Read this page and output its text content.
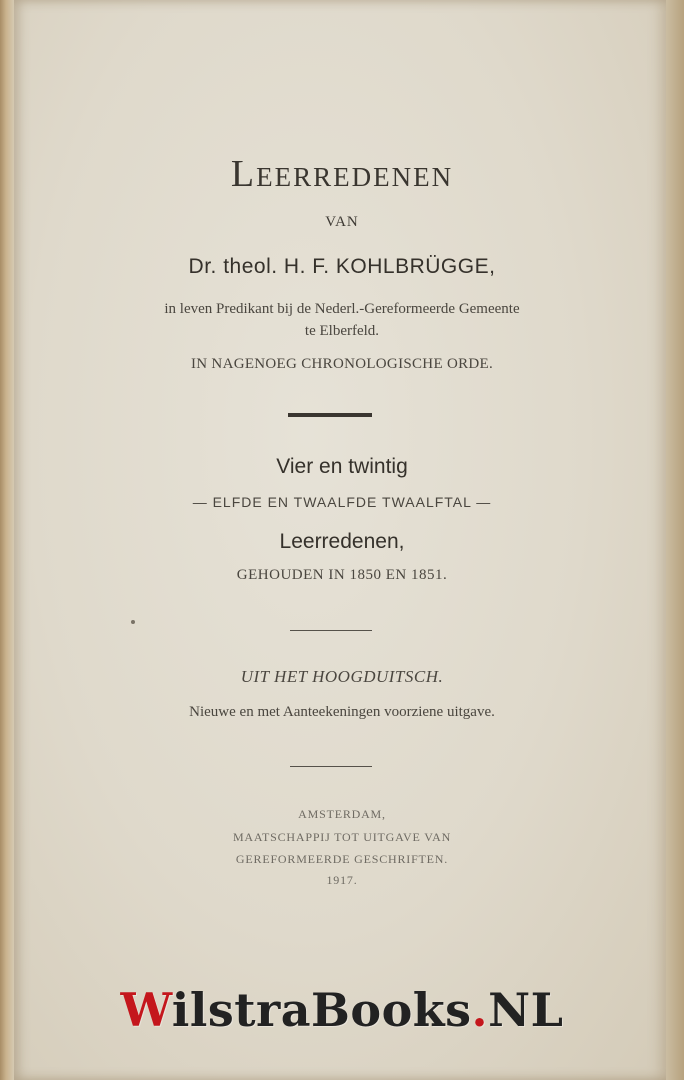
Leerredenen
VAN
Dr. theol. H. F. KOHLBRÜGGE,
in leven Predikant bij de Nederl.-Gereformeerde Gemeente
te Elberfeld.
IN NAGENOEG CHRONOLOGISCHE ORDE.
Vier en twintig
— ELFDE EN TWAALFDE TWAALFTAL —
Leerredenen,
GEHOUDEN IN 1850 EN 1851.
UIT HET HOOGDUITSCH.
Nieuwe en met Aanteekeningen voorziene uitgave.
AMSTERDAM,
MAATSCHAPPIJ TOT UITGAVE VAN
GEREFORMEERDE GESCHRIFTEN.
1917.
WilstraBooks.NL
